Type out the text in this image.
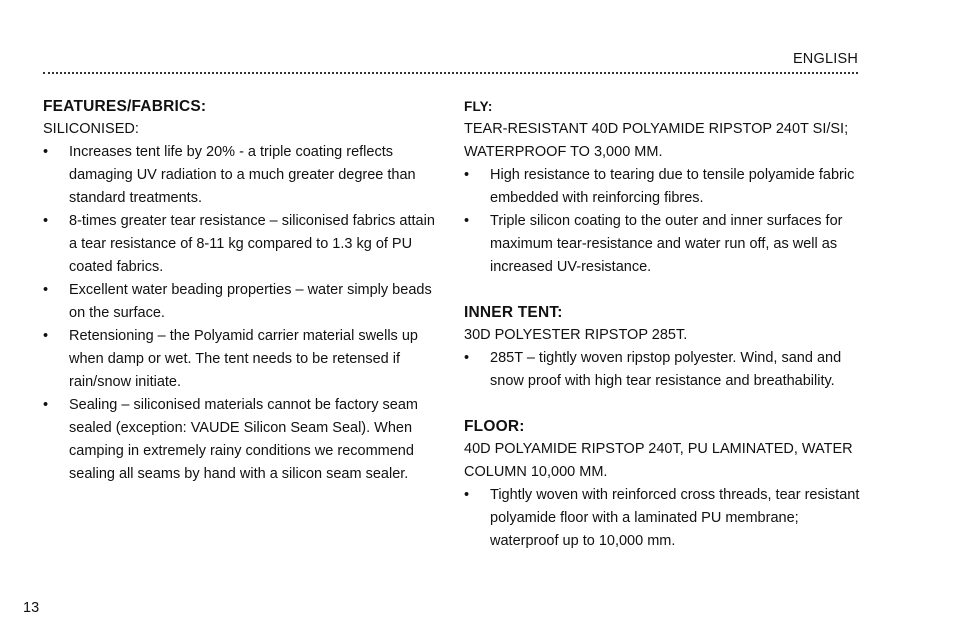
ENGLISH
FEATURES/FABRICS:

SILICONISED:

• Increases tent life by 20% - a triple coating reflects damaging UV radiation to a much greater degree than standard treatments.
• 8-times greater tear resistance – siliconised fabrics attain a tear resistance of 8-11 kg compared to 1.3 kg of PU coated fabrics.
• Excellent water beading properties – water simply beads on the surface.
• Retensioning – the Polyamid carrier material swells up when damp or wet. The tent needs to be retensed if rain/snow initiate.
• Sealing – siliconised materials cannot be factory seam sealed (exception: VAUDE Silicon Seam Seal). When camping in extremely rainy conditions we recommend sealing all seams by hand with a silicon seam sealer.
FLY:

TEAR-RESISTANT 40D POLYAMIDE RIPSTOP 240T SI/SI; WATERPROOF TO 3,000 MM.

• High resistance to tearing due to tensile polyamide fabric embedded with reinforcing fibres.
• Triple silicon coating to the outer and inner surfaces for maximum tear-resistance and water run off, as well as increased UV-resistance.
INNER TENT:

30D POLYESTER RIPSTOP 285T.

• 285T – tightly woven ripstop polyester. Wind, sand and snow proof with high tear resistance and breathability.
FLOOR:

40D POLYAMIDE RIPSTOP 240T, PU LAMINATED, WATER COLUMN 10,000 MM.

• Tightly woven with reinforced cross threads, tear resistant polyamide floor with a laminated PU membrane; waterproof up to 10,000 mm.
13
